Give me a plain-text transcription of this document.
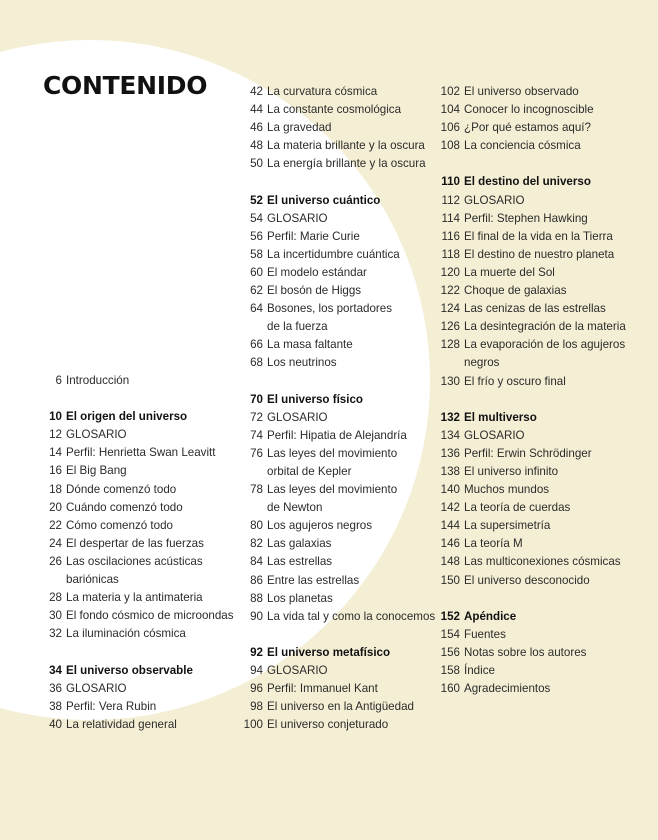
CONTENIDO
6 Introducción
10 El origen del universo
12 GLOSARIO
14 Perfil: Henrietta Swan Leavitt
16 El Big Bang
18 Dónde comenzó todo
20 Cuándo comenzó todo
22 Cómo comenzó todo
24 El despertar de las fuerzas
26 Las oscilaciones acústicas
bariónicas
28 La materia y la antimateria
30 El fondo cósmico de microondas
32 La iluminación cósmica
34 El universo observable
36 GLOSARIO
38 Perfil: Vera Rubin
40 La relatividad general
42 La curvatura cósmica
44 La constante cosmológica
46 La gravedad
48 La materia brillante y la oscura
50 La energía brillante y la oscura
52 El universo cuántico
54 GLOSARIO
56 Perfil: Marie Curie
58 La incertidumbre cuántica
60 El modelo estándar
62 El bosón de Higgs
64 Bosones, los portadores
de la fuerza
66 La masa faltante
68 Los neutrinos
70 El universo físico
72 GLOSARIO
74 Perfil: Hipatia de Alejandría
76 Las leyes del movimiento
orbital de Kepler
78 Las leyes del movimiento
de Newton
80 Los agujeros negros
82 Las galaxias
84 Las estrellas
86 Entre las estrellas
88 Los planetas
90 La vida tal y como la conocemos
92 El universo metafísico
94 GLOSARIO
96 Perfil: Immanuel Kant
98 El universo en la Antigüedad
100 El universo conjeturado
102 El universo observado
104 Conocer lo incognoscible
106 ¿Por qué estamos aquí?
108 La conciencia cósmica
110 El destino del universo
112 GLOSARIO
114 Perfil: Stephen Hawking
116 El final de la vida en la Tierra
118 El destino de nuestro planeta
120 La muerte del Sol
122 Choque de galaxias
124 Las cenizas de las estrellas
126 La desintegración de la materia
128 La evaporación de los agujeros
negros
130 El frío y oscuro final
132 El multiverso
134 GLOSARIO
136 Perfil: Erwin Schrödinger
138 El universo infinito
140 Muchos mundos
142 La teoría de cuerdas
144 La supersimetría
146 La teoría M
148 Las multiconexiones cósmicas
150 El universo desconocido
152 Apéndice
154 Fuentes
156 Notas sobre los autores
158 Índice
160 Agradecimientos
